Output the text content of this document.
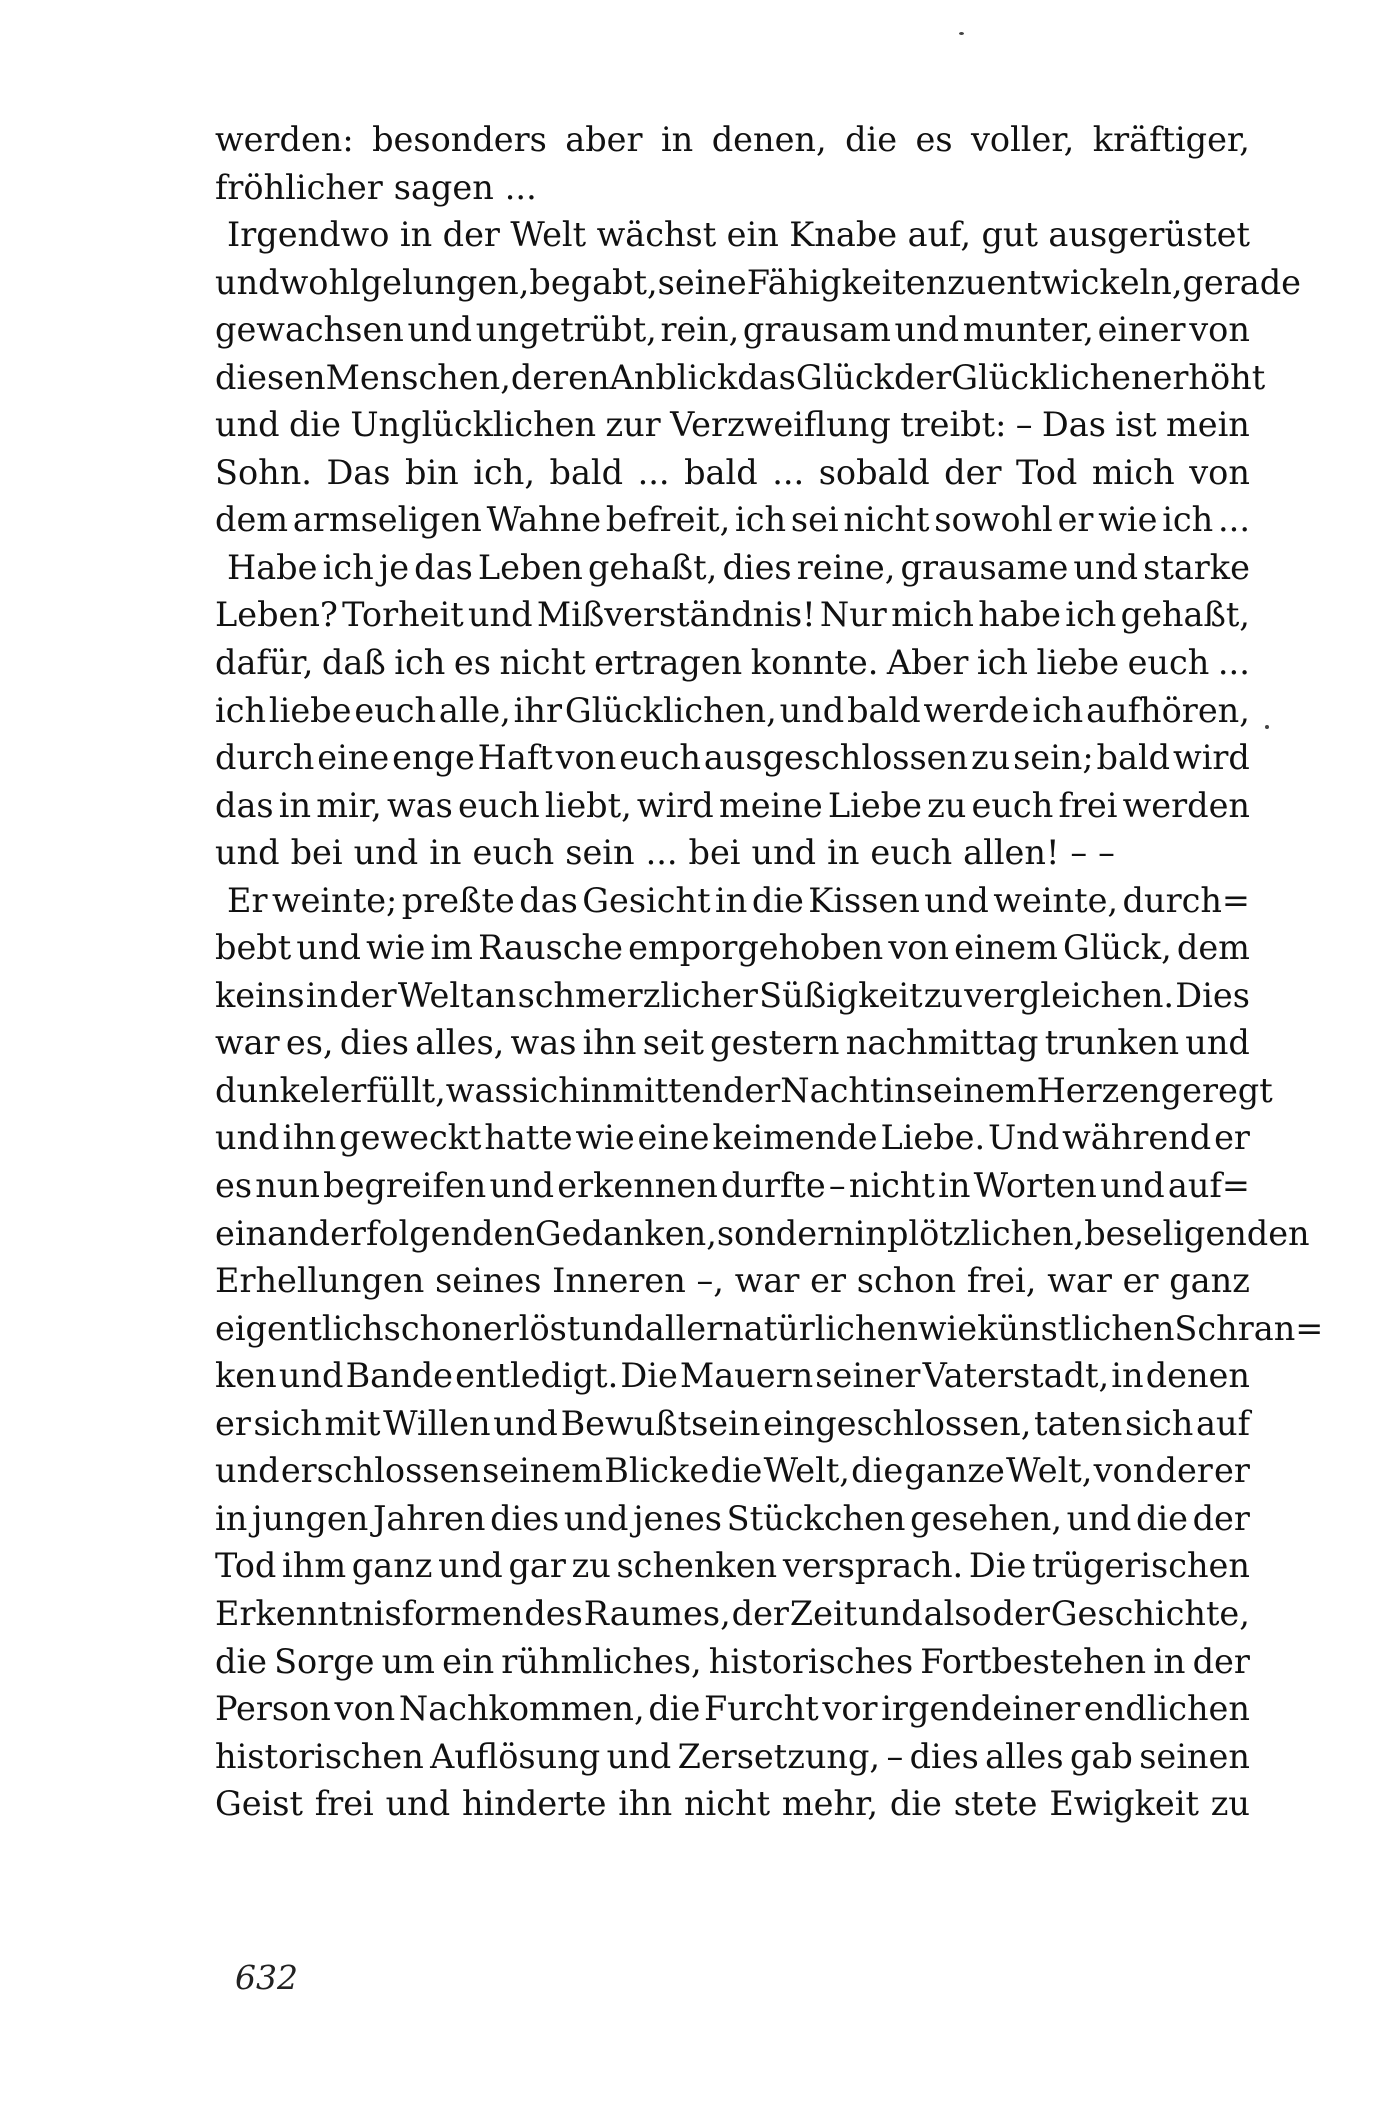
werden: besonders aber in denen, die es voller, kräftiger,
fröhlicher sagen ...
Irgendwo in der Welt wächst ein Knabe auf, gut ausgerüstet
und wohlgelungen, begabt, seine Fähigkeiten zu entwickeln, gerade
gewachsen und ungetrübt, rein, grausam und munter, einer von
diesen Menschen, deren Anblick das Glück der Glücklichen erhöht
und die Unglücklichen zur Verzweiflung treibt: – Das ist mein
Sohn. Das bin ich, bald ... bald ... sobald der Tod mich von
dem armseligen Wahne befreit, ich sei nicht sowohl er wie ich ...
Habe ich je das Leben gehaßt, dies reine, grausame und starke
Leben? Torheit und Mißverständnis! Nur mich habe ich gehaßt,
dafür, daß ich es nicht ertragen konnte. Aber ich liebe euch ...
ich liebe euch alle, ihr Glücklichen, und bald werde ich aufhören,
durch eine enge Haft von euch ausgeschlossen zu sein; bald wird
das in mir, was euch liebt, wird meine Liebe zu euch frei werden
und bei und in euch sein ... bei und in euch allen! – –
Er weinte; preßte das Gesicht in die Kissen und weinte, durch=
bebt und wie im Rausche emporgehoben von einem Glück, dem
keins in der Welt an schmerzlicher Süßigkeit zu vergleichen. Dies
war es, dies alles, was ihn seit gestern nachmittag trunken und
dunkel erfüllt, was sich inmitten der Nacht in seinem Herzen geregt
und ihn geweckt hatte wie eine keimende Liebe. Und während er
es nun begreifen und erkennen durfte – nicht in Worten und auf=
einanderfolgenden Gedanken, sondern in plötzlichen, beseligenden
Erhellungen seines Inneren –, war er schon frei, war er ganz
eigentlich schon erlöst und aller natürlichen wie künstlichen Schran=
ken und Bande entledigt. Die Mauern seiner Vaterstadt, in denen
er sich mit Willen und Bewußtsein eingeschlossen, taten sich auf
und erschlossen seinem Blicke die Welt, die ganze Welt, von der er
in jungen Jahren dies und jenes Stückchen gesehen, und die der
Tod ihm ganz und gar zu schenken versprach. Die trügerischen
Erkenntnisformen des Raumes, der Zeit und also der Geschichte,
die Sorge um ein rühmliches, historisches Fortbestehen in der
Person von Nachkommen, die Furcht vor irgendeiner endlichen
historischen Auflösung und Zersetzung, – dies alles gab seinen
Geist frei und hinderte ihn nicht mehr, die stete Ewigkeit zu
632
